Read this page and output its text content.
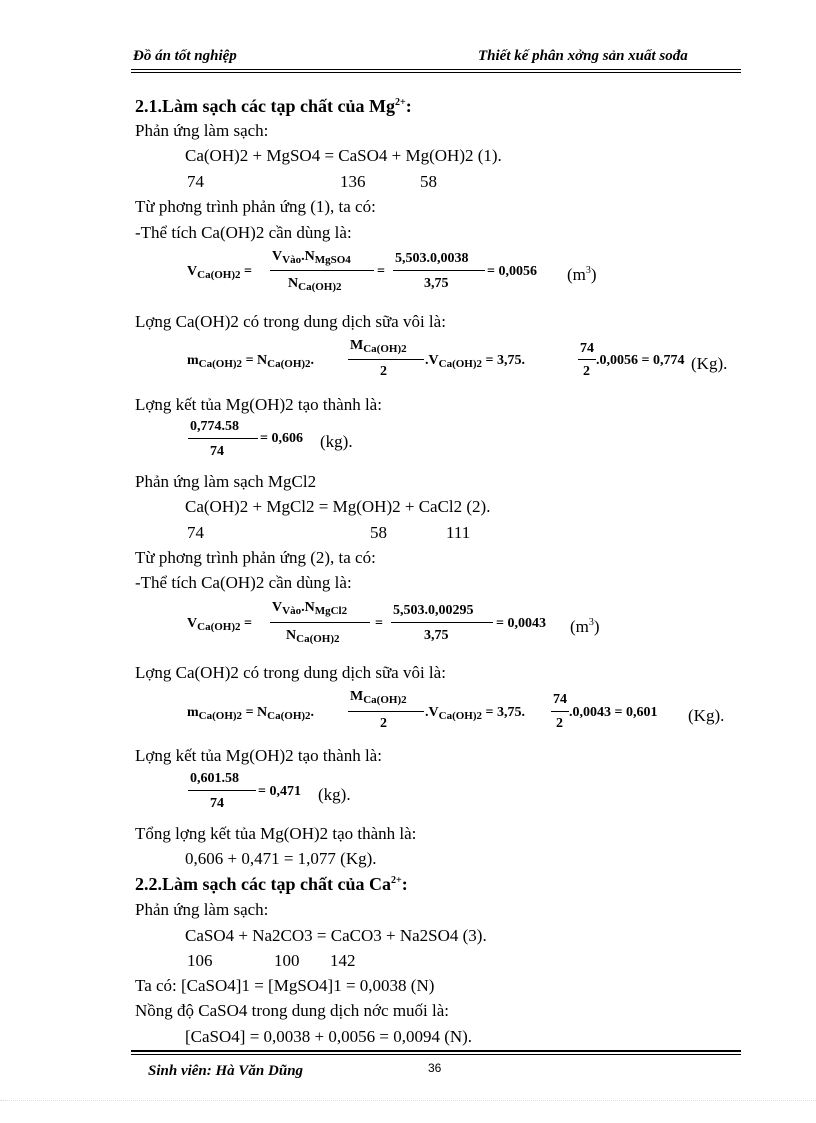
Đồ án tốt nghiệp	Thiết kế phân xởng sản xuất sođa
2.1.Làm sạch các tạp chất của $Mg^{2+}$:
Phản ứng làm sạch:
Ca(OH)2 + MgSO4 = CaSO4 + Mg(OH)2 (1).
74	136	58
Từ phơng trình phản ứng (1), ta có:
-Thể tích Ca(OH)2 cần dùng là:
$V_{Ca(OH)2}$ =
$V_{Vào}.N_{MgSO4}$
$N_{Ca(OH)2}$
=
5,503.0,0038
3,75
= 0,0056 $(m^3)$
Lợng Ca(OH)2 có trong dung dịch sữa vôi là:
$m_{Ca(OH)2} = N_{Ca(OH)2}$.
$M_{Ca(OH)2}$
2
$.V_{Ca(OH)2} = 3,75$.
74
2
.0,0056 = 0,774 (Kg).
Lợng kết tủa Mg(OH)2 tạo thành là:
0,774.58
74
= 0,606 (kg).
Phản ứng làm sạch MgCl2
Ca(OH)2 + MgCl2 = Mg(OH)2 + CaCl2 (2).
74	58	111
Từ phơng trình phản ứng (2), ta có:
-Thể tích Ca(OH)2 cần dùng là:
$V_{Ca(OH)2}$ =
$V_{Vào}.N_{MgCl2}$
$N_{Ca(OH)2}$
=
5,503.0,00295
3,75
= 0,0043 $(m^3)$
Lợng Ca(OH)2 có trong dung dịch sữa vôi là:
$m_{Ca(OH)2} = N_{Ca(OH)2}$.
$M_{Ca(OH)2}$
2
$.V_{Ca(OH)2} = 3,75$.
74
2
.0,0043 = 0,601 (Kg).
Lợng kết tủa Mg(OH)2 tạo thành là:
0,601.58
74
= 0,471 (kg).
Tổng lợng kết tủa Mg(OH)2 tạo thành là:
0,606 + 0,471 = 1,077 (Kg).
2.2.Làm sạch các tạp chất của $Ca^{2+}$:
Phản ứng làm sạch:
CaSO4 + Na2CO3 = CaCO3 + Na2SO4 (3).
106	100 142
Ta có: [CaSO4]1 = [MgSO4]1 = 0,0038 (N)
Nồng độ CaSO4 trong dung dịch nớc muối là:
[CaSO4] = 0,0038 + 0,0056 = 0,0094 (N).
Sinh viên: Hà Văn Dũng	36
